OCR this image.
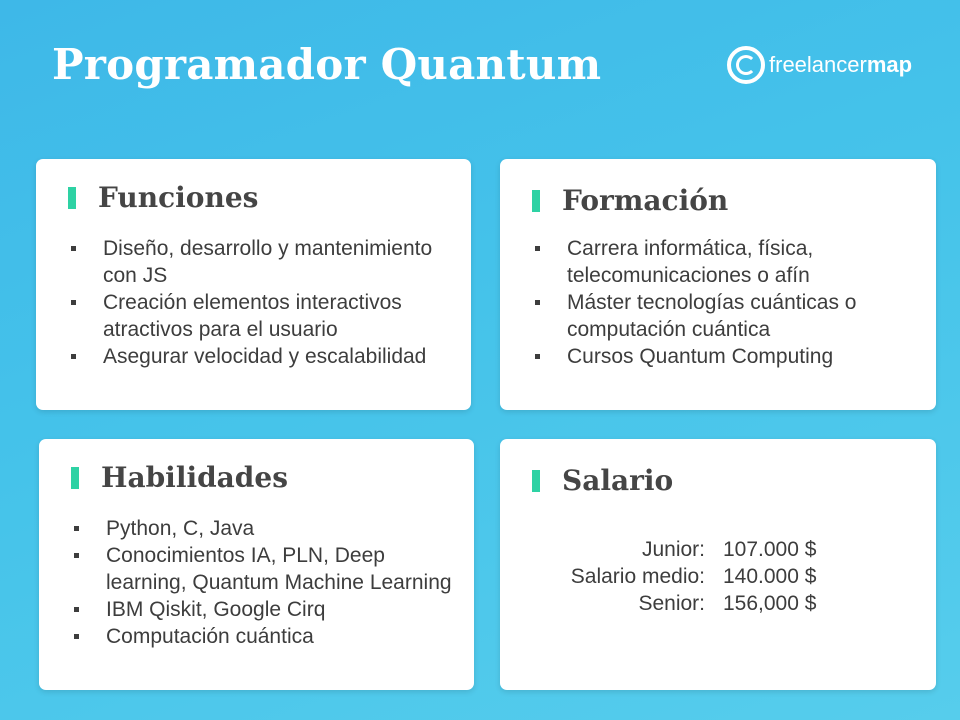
Programador Quantum	freelancermap
Funciones
Diseño, desarrollo y mantenimiento con JS
Creación elementos interactivos atractivos para el usuario
Asegurar velocidad y escalabilidad
Formación
Carrera informática, física, telecomunicaciones o afín
Máster tecnologías cuánticas o computación cuántica
Cursos Quantum Computing
Habilidades
Python, C, Java
Conocimientos IA, PLN, Deep learning, Quantum Machine Learning
IBM Qiskit, Google Cirq
Computación cuántica
Salario
Junior:	107.000 $
Salario medio:	140.000 $
Senior:	156,000 $
